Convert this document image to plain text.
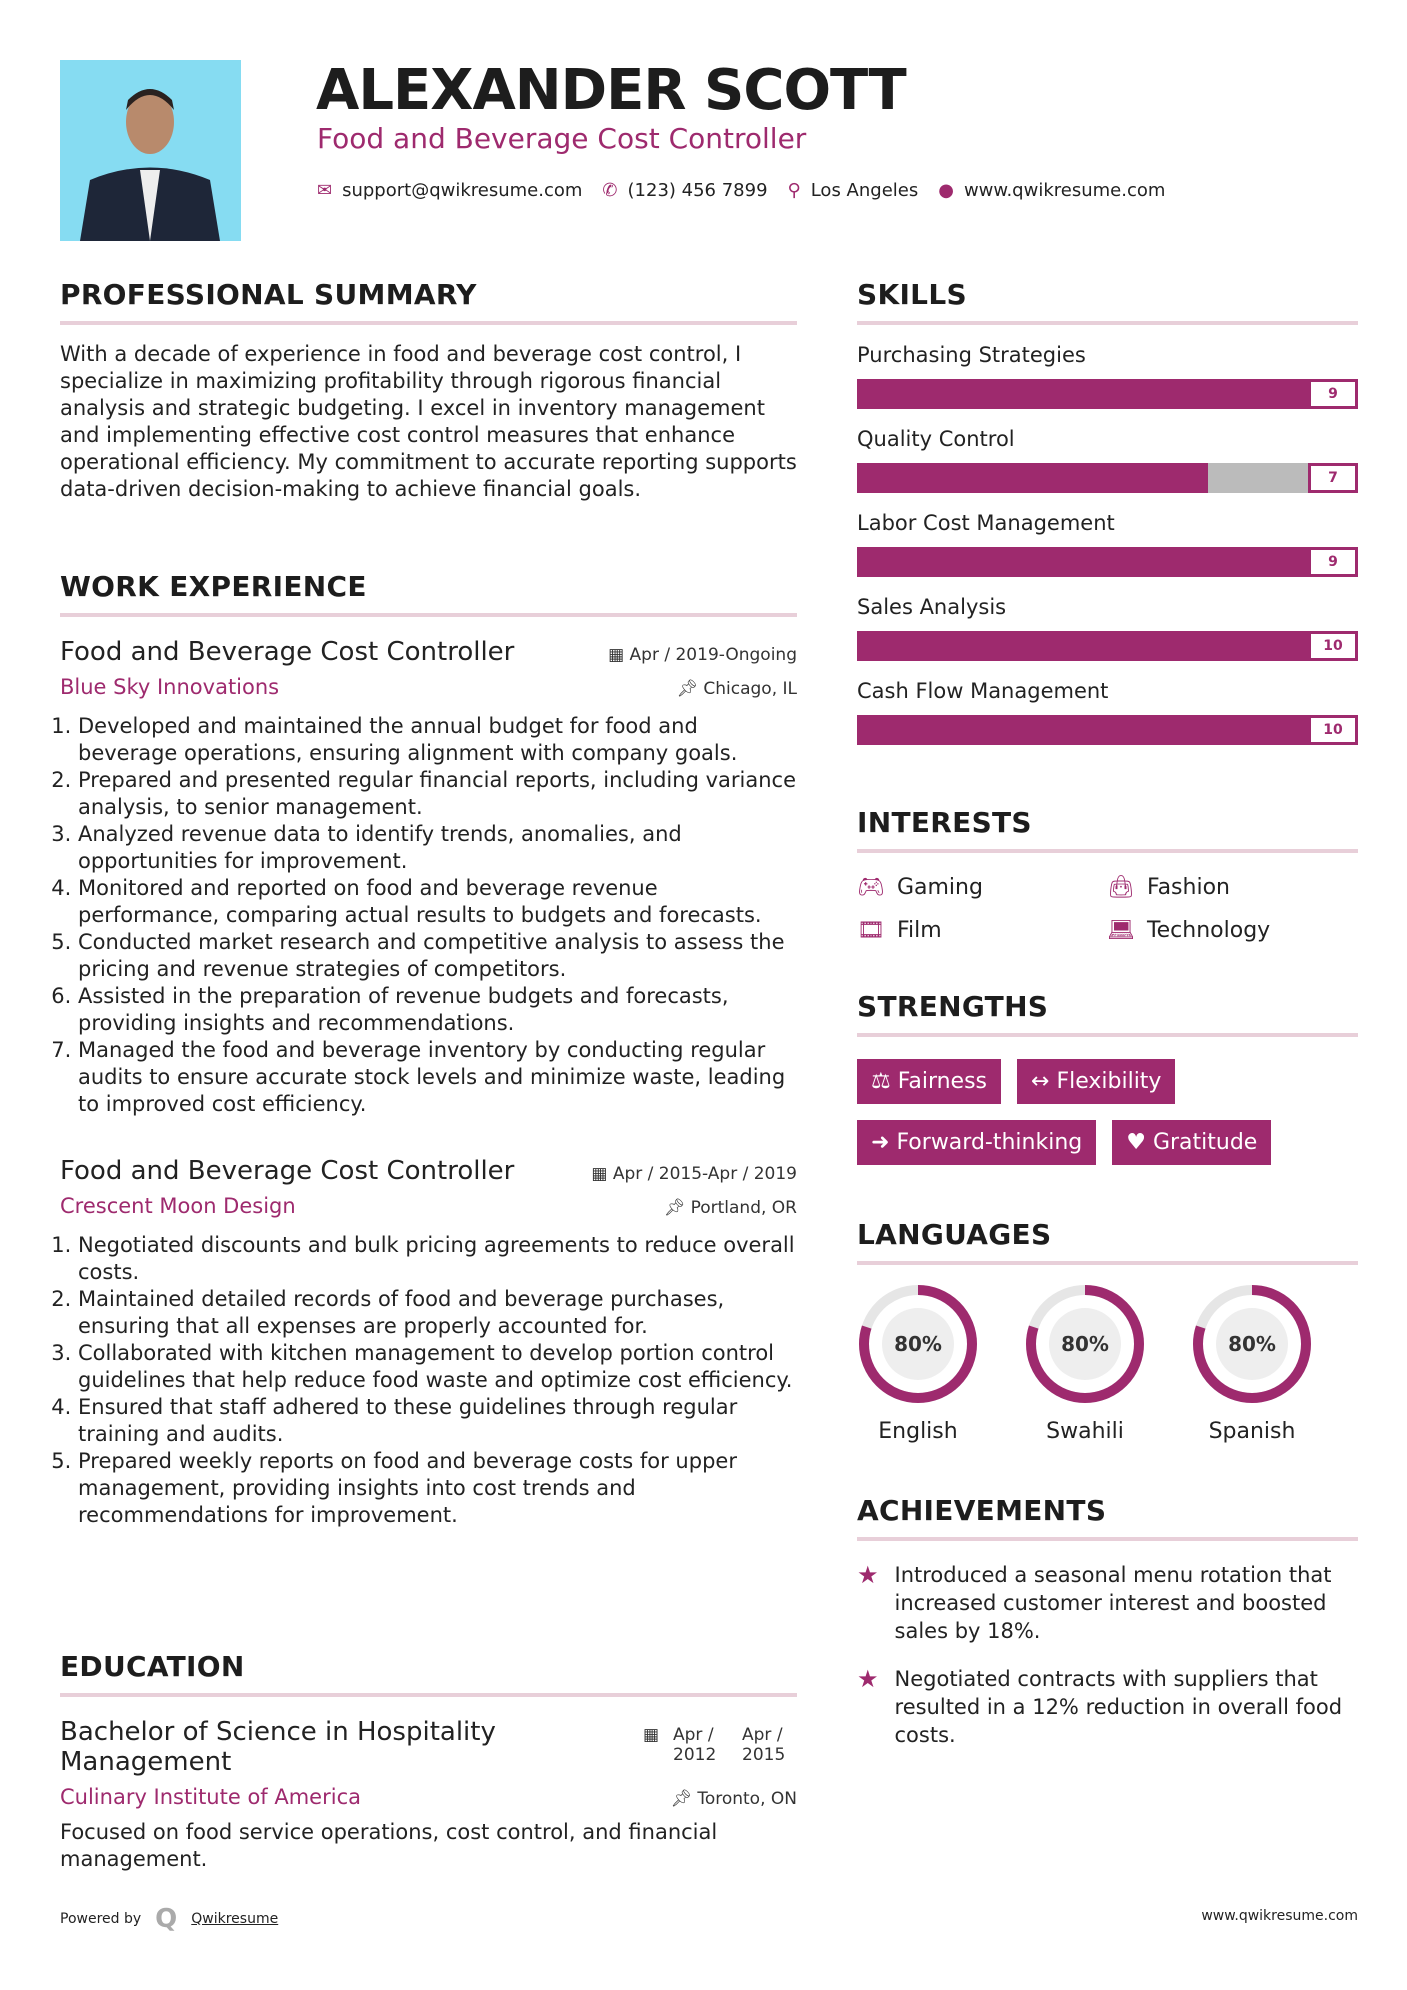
ALEXANDER SCOTT
Food and Beverage Cost Controller
✉ support@qwikresume.com ✆ (123) 456 7899 ⚲ Los Angeles ● www.qwikresume.com
PROFESSIONAL SUMMARY

With a decade of experience in food and beverage cost control, I specialize in maximizing profitability through rigorous financial analysis and strategic budgeting. I excel in inventory management and implementing effective cost control measures that enhance operational efficiency. My commitment to accurate reporting supports data-driven decision-making to achieve financial goals.

WORK EXPERIENCE
Food and Beverage Cost Controller	▦ Apr / 2019-Ongoing
Blue Sky Innovations	📌︎ Chicago, IL
1. Developed and maintained the annual budget for food and beverage operations, ensuring alignment with company goals.
2. Prepared and presented regular financial reports, including variance analysis, to senior management.
3. Analyzed revenue data to identify trends, anomalies, and opportunities for improvement.
4. Monitored and reported on food and beverage revenue performance, comparing actual results to budgets and forecasts.
5. Conducted market research and competitive analysis to assess the pricing and revenue strategies of competitors.
6. Assisted in the preparation of revenue budgets and forecasts, providing insights and recommendations.
7. Managed the food and beverage inventory by conducting regular audits to ensure accurate stock levels and minimize waste, leading to improved cost efficiency.
Food and Beverage Cost Controller	▦ Apr / 2015-Apr / 2019
Crescent Moon Design	📌︎ Portland, OR
1. Negotiated discounts and bulk pricing agreements to reduce overall costs.
2. Maintained detailed records of food and beverage purchases, ensuring that all expenses are properly accounted for.
3. Collaborated with kitchen management to develop portion control guidelines that help reduce food waste and optimize cost efficiency.
4. Ensured that staff adhered to these guidelines through regular training and audits.
5. Prepared weekly reports on food and beverage costs for upper management, providing insights into cost trends and recommendations for improvement.
EDUCATION
Bachelor of Science in Hospitality Management
▦ Apr / 2012
Apr / 2015
Culinary Institute of America	📌︎ Toronto, ON

Focused on food service operations, cost control, and financial management.

SKILLS
Purchasing Strategies
9
Quality Control
7
Labor Cost Management
9
Sales Analysis
10
Cash Flow Management
10
INTERESTS
🎮︎ Gaming	👜︎ Fashion
🎞︎ Film	💻︎ Technology
STRENGTHS
⚖ Fairness	↔ Flexibility
➜ Forward-thinking	♥ Gratitude
LANGUAGES
80%
English
80%
Swahili
80%
Spanish
ACHIEVEMENTS
★ Introduced a seasonal menu rotation that increased customer interest and boosted sales by 18%.
★ Negotiated contracts with suppliers that resulted in a 12% reduction in overall food costs.
Powered by Q Qwikresume	www.qwikresume.com
